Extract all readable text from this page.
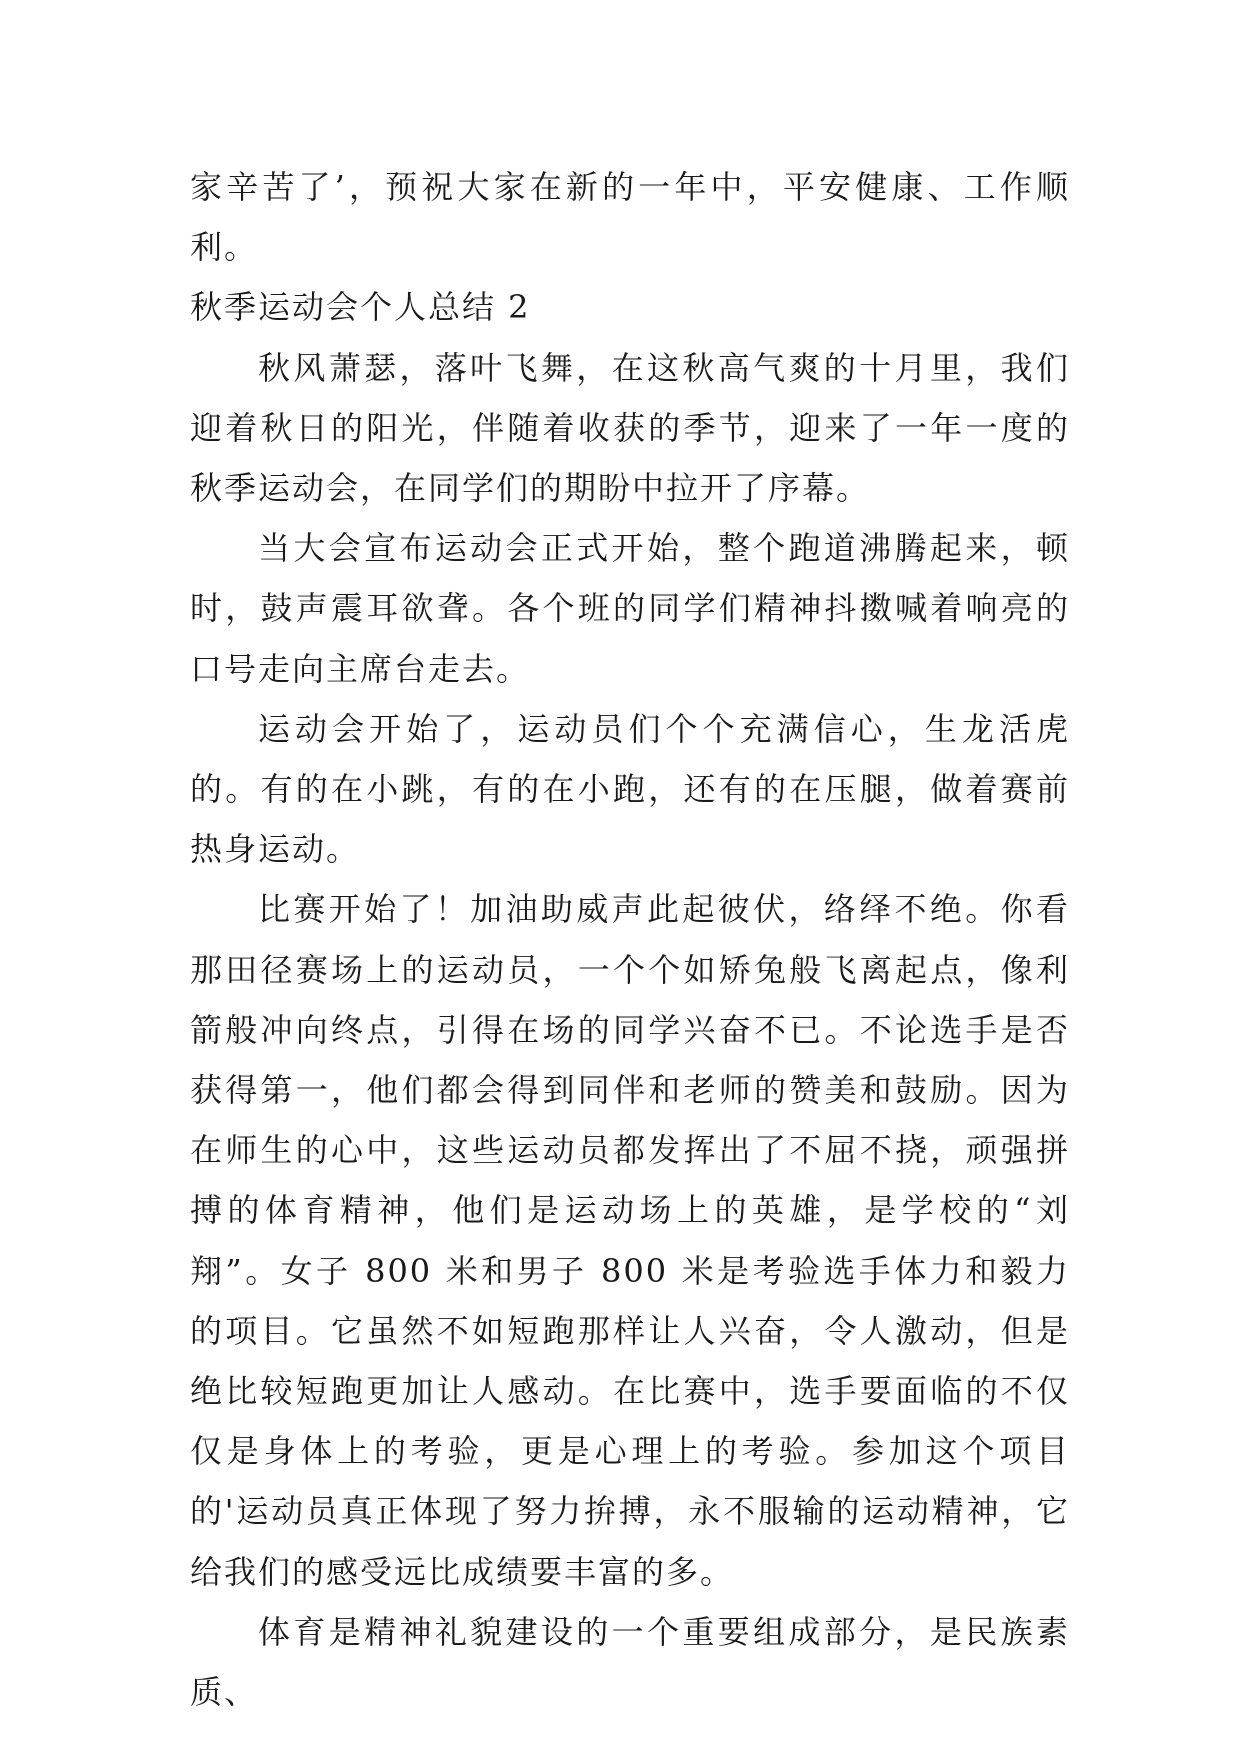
家辛苦了’，预祝大家在新的一年中，平安健康、工作顺利。

秋季运动会个人总结 2

秋风萧瑟，落叶飞舞，在这秋高气爽的十月里，我们迎着秋日的阳光，伴随着收获的季节，迎来了一年一度的秋季运动会，在同学们的期盼中拉开了序幕。

当大会宣布运动会正式开始，整个跑道沸腾起来，顿时，鼓声震耳欲聋。各个班的同学们精神抖擞喊着响亮的口号走向主席台走去。

运动会开始了，运动员们个个充满信心，生龙活虎的。有的在小跳，有的在小跑，还有的在压腿，做着赛前热身运动。

比赛开始了！加油助威声此起彼伏，络绎不绝。你看那田径赛场上的运动员，一个个如矫兔般飞离起点，像利箭般冲向终点，引得在场的同学兴奋不已。不论选手是否获得第一，他们都会得到同伴和老师的赞美和鼓励。因为在师生的心中，这些运动员都发挥出了不屈不挠，顽强拼搏的体育精神，他们是运动场上的英雄，是学校的“刘翔”。女子 800 米和男子 800 米是考验选手体力和毅力的项目。它虽然不如短跑那样让人兴奋，令人激动，但是绝比较短跑更加让人感动。在比赛中，选手要面临的不仅仅是身体上的考验，更是心理上的考验。参加这个项目的'运动员真正体现了努力拚搏，永不服输的运动精神，它给我们的感受远比成绩要丰富的多。

体育是精神礼貌建设的一个重要组成部分，是民族素质、
